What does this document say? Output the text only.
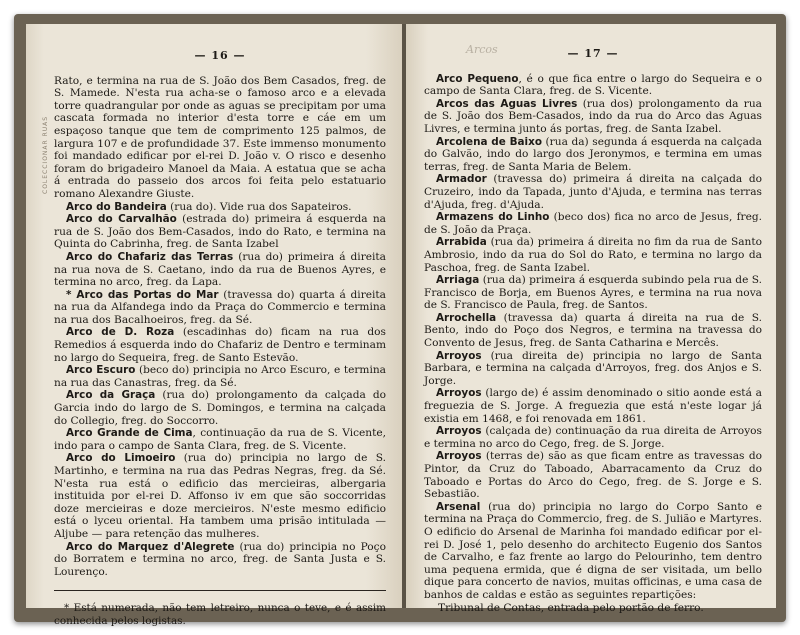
COLECCIONAR RUAS
— 16 —

Rato, e termina na rua de S. João dos Bem Casados, freg. de S. Mamede. N'esta rua acha-se o famoso arco e a elevada torre quadrangular por onde as aguas se precipitam por uma cascata formada no interior d'esta torre e cáe em um espaçoso tanque que tem de comprimento 125 palmos, de largura 107 e de profundidade 37. Este immenso monumento foi mandado edificar por el-rei D. João v. O risco e desenho foram do brigadeiro Manoel da Maia. A estatua que se acha á entrada do passeio dos arcos foi feita pelo estatuario romano Alexandre Giuste.

Arco do Bandeira (rua do). Vide rua dos Sapateiros.

Arco do Carvalhão (estrada do) primeira á esquerda na rua de S. João dos Bem-Casados, indo do Rato, e termina na Quinta do Cabrinha, freg. de Santa Izabel

Arco do Chafariz das Terras (rua do) primeira á direita na rua nova de S. Caetano, indo da rua de Buenos Ayres, e termina no arco, freg. da Lapa.

* Arco das Portas do Mar (travessa do) quarta á direita na rua da Alfandega indo da Praça do Commercio e termina na rua dos Bacalhoeiros, freg. da Sé.

Arco de D. Roza (escadinhas do) ficam na rua dos Remedios á esquerda indo do Chafariz de Dentro e terminam no largo do Sequeira, freg. de Santo Estevão.

Arco Escuro (beco do) principia no Arco Escuro, e termina na rua das Canastras, freg. da Sé.

Arco da Graça (rua do) prolongamento da calçada do Garcia indo do largo de S. Domingos, e termina na calçada do Collegio, freg. do Soccorro.

Arco Grande de Cima, continuação da rua de S. Vicente, indo para o campo de Santa Clara, freg. de S. Vicente.

Arco do Limoeiro (rua do) principia no largo de S. Martinho, e termina na rua das Pedras Negras, freg. da Sé. N'esta rua está o edificio das mercieiras, albergaria instituida por el-rei D. Affonso iv em que são soccorridas doze mercieiras e doze mercieiros. N'este mesmo edificio está o lyceu oriental. Ha tambem uma prisão intitulada — Aljube — para retenção das mulheres.

Arco do Marquez d'Alegrete (rua do) principia no Poço do Borratem e termina no arco, freg. de Santa Justa e S. Lourenço.

* Está numerada, não tem letreiro, nunca o teve, e é assim conhecida pelos logistas.

Arcos	— 17 —

Arco Pequeno, é o que fica entre o largo do Sequeira e o campo de Santa Clara, freg. de S. Vicente.

Arcos das Aguas Livres (rua dos) prolongamento da rua de S. João dos Bem-Casados, indo da rua do Arco das Aguas Livres, e termina junto ás portas, freg. de Santa Izabel.

Arcolena de Baixo (rua da) segunda á esquerda na calçada do Galvão, indo do largo dos Jeronymos, e termina em umas terras, freg. de Santa Maria de Belem.

Armador (travessa do) primeira á direita na calçada do Cruzeiro, indo da Tapada, junto d'Ajuda, e termina nas terras d'Ajuda, freg. d'Ajuda.

Armazens do Linho (beco dos) fica no arco de Jesus, freg. de S. João da Praça.

Arrabida (rua da) primeira á direita no fim da rua de Santo Ambrosio, indo da rua do Sol do Rato, e termina no largo da Paschoa, freg. de Santa Izabel.

Arriaga (rua da) primeira á esquerda subindo pela rua de S. Francisco de Borja, em Buenos Ayres, e termina na rua nova de S. Francisco de Paula, freg. de Santos.

Arrochella (travessa da) quarta á direita na rua de S. Bento, indo do Poço dos Negros, e termina na travessa do Convento de Jesus, freg. de Santa Catharina e Mercês.

Arroyos (rua direita de) principia no largo de Santa Barbara, e termina na calçada d'Arroyos, freg. dos Anjos e S. Jorge.

Arroyos (largo de) é assim denominado o sitio aonde está a freguezia de S. Jorge. A freguezia que está n'este logar já existia em 1468, e foi renovada em 1861.

Arroyos (calçada de) continuação da rua direita de Arroyos e termina no arco do Cego, freg. de S. Jorge.

Arroyos (terras de) são as que ficam entre as travessas do Pintor, da Cruz do Taboado, Abarracamento da Cruz do Taboado e Portas do Arco do Cego, freg. de S. Jorge e S. Sebastião.

Arsenal (rua do) principia no largo do Corpo Santo e termina na Praça do Commercio, freg. de S. Julião e Martyres. O edificio do Arsenal de Marinha foi mandado edificar por el-rei D. José 1, pelo desenho do architecto Eugenio dos Santos de Carvalho, e faz frente ao largo do Pelourinho, tem dentro uma pequena ermida, que é digna de ser visitada, um bello dique para concerto de navios, muitas officinas, e uma casa de banhos de caldas e estão as seguintes repartições:

Tribunal de Contas, entrada pelo portão de ferro.
